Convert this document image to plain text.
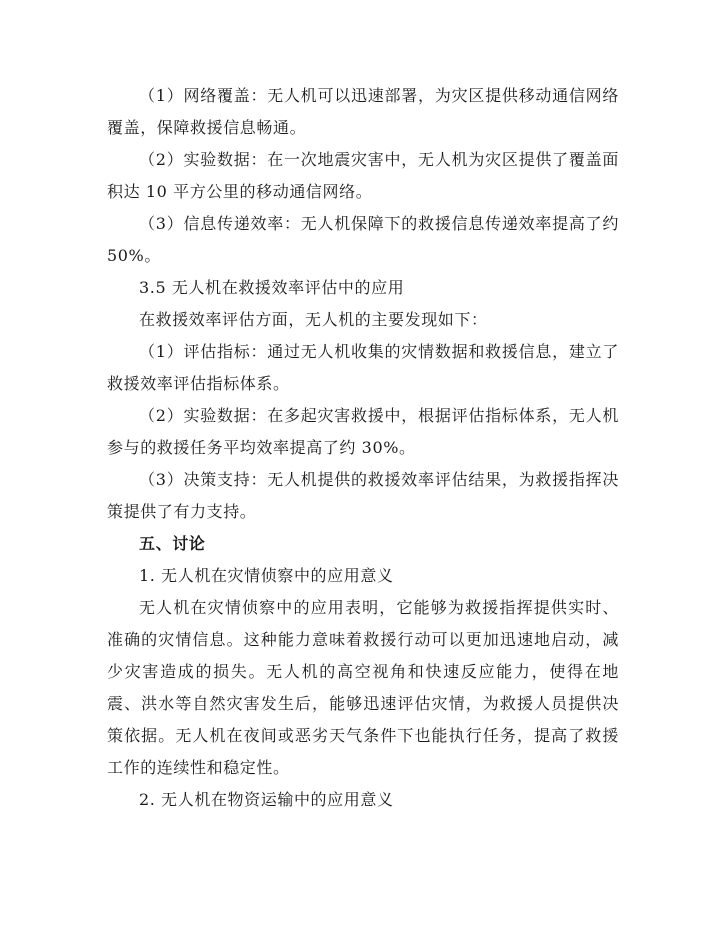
（1）网络覆盖：无人机可以迅速部署，为灾区提供移动通信网络覆盖，保障救援信息畅通。

（2）实验数据：在一次地震灾害中，无人机为灾区提供了覆盖面积达 10 平方公里的移动通信网络。

（3）信息传递效率：无人机保障下的救援信息传递效率提高了约 50%。

3.5 无人机在救援效率评估中的应用

在救援效率评估方面，无人机的主要发现如下：

（1）评估指标：通过无人机收集的灾情数据和救援信息，建立了救援效率评估指标体系。

（2）实验数据：在多起灾害救援中，根据评估指标体系，无人机参与的救援任务平均效率提高了约 30%。

（3）决策支持：无人机提供的救援效率评估结果，为救援指挥决策提供了有力支持。

五、讨论

1. 无人机在灾情侦察中的应用意义

无人机在灾情侦察中的应用表明，它能够为救援指挥提供实时、准确的灾情信息。这种能力意味着救援行动可以更加迅速地启动，减少灾害造成的损失。无人机的高空视角和快速反应能力，使得在地震、洪水等自然灾害发生后，能够迅速评估灾情，为救援人员提供决策依据。无人机在夜间或恶劣天气条件下也能执行任务，提高了救援工作的连续性和稳定性。

2. 无人机在物资运输中的应用意义
